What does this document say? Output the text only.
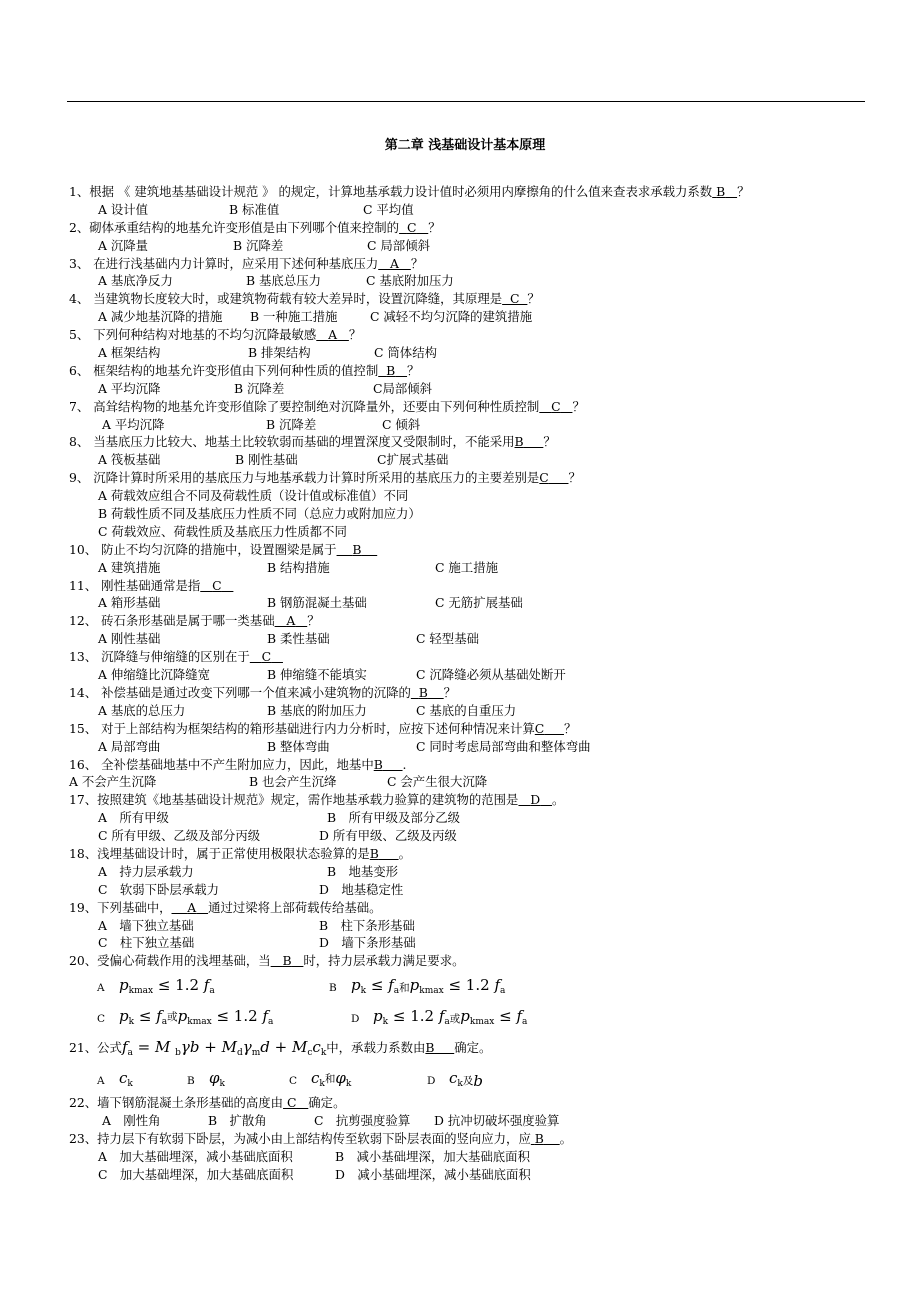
第二章 浅基础设计基本原理
1、根据 《 建筑地基基础设计规范 》 的规定，计算地基承载力设计值时必须用内摩擦角的什么值来查表求承载力系数 B ？
A 设计值	B 标准值	C 平均值
2、砌体承重结构的地基允许变形值是由下列哪个值来控制的 C ？
A 沉降量	B 沉降差	C 局部倾斜
3、 在进行浅基础内力计算时，应采用下述何种基底压力 A ？
A 基底净反力	B 基底总压力	C 基底附加压力
4、 当建筑物长度较大时，或建筑物荷载有较大差异时，设置沉降缝，其原理是 C ？
A 减少地基沉降的措施 B 一种施工措施	C 减轻不均匀沉降的建筑措施
5、 下列何种结构对地基的不均匀沉降最敏感 A ？
A 框架结构	B 排架结构	C 筒体结构
6、 框架结构的地基允许变形值由下列何种性质的值控制 B ？
A 平均沉降	B 沉降差	C局部倾斜
7、 高耸结构物的地基允许变形值除了要控制绝对沉降量外，还要由下列何种性质控制 C ？
A 平均沉降	B 沉降差	C 倾斜
8、 当基底压力比较大、地基土比较软弱而基础的埋置深度又受限制时，不能采用B ？
A 筏板基础	B 刚性基础	C扩展式基础
9、 沉降计算时所采用的基底压力与地基承载力计算时所采用的基底压力的主要差别是C ？
A 荷载效应组合不同及荷载性质（设计值或标准值）不同
B 荷载性质不同及基底压力性质不同（总应力或附加应力）
C 荷载效应、荷载性质及基底压力性质都不同
10、 防止不均匀沉降的措施中，设置圈梁是属于 B
A 建筑措施	B 结构措施	C 施工措施
11、 刚性基础通常是指 C
A 箱形基础	B 钢筋混凝土基础	C 无筋扩展基础
12、 砖石条形基础是属于哪一类基础 A ？
A 刚性基础	B 柔性基础	C 轻型基础
13、 沉降缝与伸缩缝的区别在于 C
A 伸缩缝比沉降缝宽	B 伸缩缝不能填实	C 沉降缝必须从基础处断开
14、 补偿基础是通过改变下列哪一个值来减小建筑物的沉降的 B ？
A 基底的总压力	B 基底的附加压力	C 基底的自重压力
15、 对于上部结构为框架结构的箱形基础进行内力分析时，应按下述何种情况来计算C ？
A 局部弯曲	B 整体弯曲	C 同时考虑局部弯曲和整体弯曲
16、 全补偿基础地基中不产生附加应力，因此，地基中B .
A 不会产生沉降	B 也会产生沉绛	C 会产生很大沉降
17、按照建筑《地基基础设计规范》规定，需作地基承载力验算的建筑物的范围是 D 。
A　所有甲级	B　所有甲级及部分乙级
C 所有甲级、乙级及部分丙级	D 所有甲级、乙级及丙级
18、浅埋基础设计时，属于正常使用极限状态验算的是B 。
A　持力层承载力	B　地基变形
C　软弱下卧层承载力	D　地基稳定性
19、下列基础中， A 通过过梁将上部荷载传给基础。
A　墙下独立基础	B　柱下条形基础
C　柱下独立基础	D　墙下条形基础
20、受偏心荷载作用的浅埋基础，当 B 时，持力层承载力满足要求。
A $p_{kmax} \le 1.2$ $f_a$	B $p_k \le f_a$和$p_{kmax} \le 1.2$ $f_a$
C $p_k \le f_a$或$p_{kmax} \le 1.2$ $f_a$	D $p_k \le 1.2$ $f_a$或$p_{kmax} \le f_a$
21、公式$f_a = M$ $_b\gamma b + M_d\gamma_md + M_cc_k$中，承载力系数由B 确定。
A $c_k$	B $\varphi_k$	C $c_k$和$\varphi_k$	D $c_k$及b
22、墙下钢筋混凝土条形基础的高度由 C 确定。
A　刚性角	B　扩散角	C　抗剪强度验算 D 抗冲切破坏强度验算
23、持力层下有软弱下卧层，为减小由上部结构传至软弱下卧层表面的竖向应力，应 B 。
A　加大基础埋深，减小基础底面积	B　减小基础埋深，加大基础底面积
C　加大基础埋深，加大基础底面积	D　减小基础埋深，减小基础底面积
